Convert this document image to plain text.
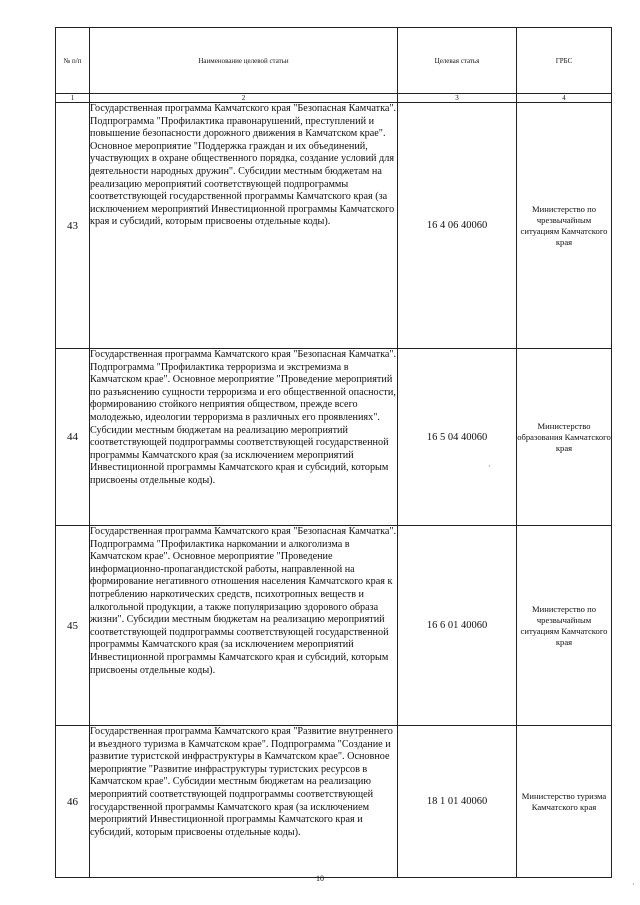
№ п/п	Наименование целевой статьи	Целевая статья	ГРБС
1	2	3	4
43	Государственная программа Камчатского края "Безопасная Камчатка". Подпрограмма "Профилактика правонарушений, преступлений и повышение безопасности дорожного движения в Камчатском крае". Основное мероприятие "Поддержка граждан и их объединений, участвующих в охране общественного порядка, создание условий для деятельности народных дружин". Субсидии местным бюджетам на реализацию мероприятий соответствующей подпрограммы соответствующей государственной программы Камчатского края (за исключением мероприятий Инвестиционной программы Камчатского края и субсидий, которым присвоены отдельные коды).	16 4 06 40060	Министерство по чрезвычайным ситуациям Камчатского края
44	Государственная программа Камчатского края "Безопасная Камчатка". Подпрограмма "Профилактика терроризма и экстремизма в Камчатском крае". Основное мероприятие "Проведение мероприятий по разъяснению сущности терроризма и его общественной опасности, формированию стойкого неприятия обществом, прежде всего молодежью, идеологии терроризма в различных его проявлениях". Субсидии местным бюджетам на реализацию мероприятий соответствующей подпрограммы соответствующей государственной программы Камчатского края (за исключением мероприятий Инвестиционной программы Камчатского края и субсидий, которым присвоены отдельные коды).	16 5 04 40060	Министерство образования Камчатского края
45	Государственная программа Камчатского края "Безопасная Камчатка". Подпрограмма "Профилактика наркомании и алкоголизма в Камчатском крае". Основное мероприятие "Проведение информационно-пропагандистской работы, направленной на формирование негативного отношения населения Камчатского края к потреблению наркотических средств, психотропных веществ и алкогольной продукции, а также популяризацию здорового образа жизни". Субсидии местным бюджетам на реализацию мероприятий соответствующей подпрограммы соответствующей государственной программы Камчатского края (за исключением мероприятий Инвестиционной программы Камчатского края и субсидий, которым присвоены отдельные коды).	16 6 01 40060	Министерство по чрезвычайным ситуациям Камчатского края
46	Государственная программа Камчатского края "Развитие внутреннего и въездного туризма в Камчатском крае". Подпрограмма "Создание и развитие туристской инфраструктуры в Камчатском крае". Основное мероприятие "Развитие инфраструктуры туристских ресурсов в Камчатском крае". Субсидии местным бюджетам на реализацию мероприятий соответствующей подпрограммы соответствующей государственной программы Камчатского края (за исключением мероприятий Инвестиционной программы Камчатского края и субсидий, которым присвоены отдельные коды).	18 1 01 40060	Министерство туризма Камчатского края
10
·
·
